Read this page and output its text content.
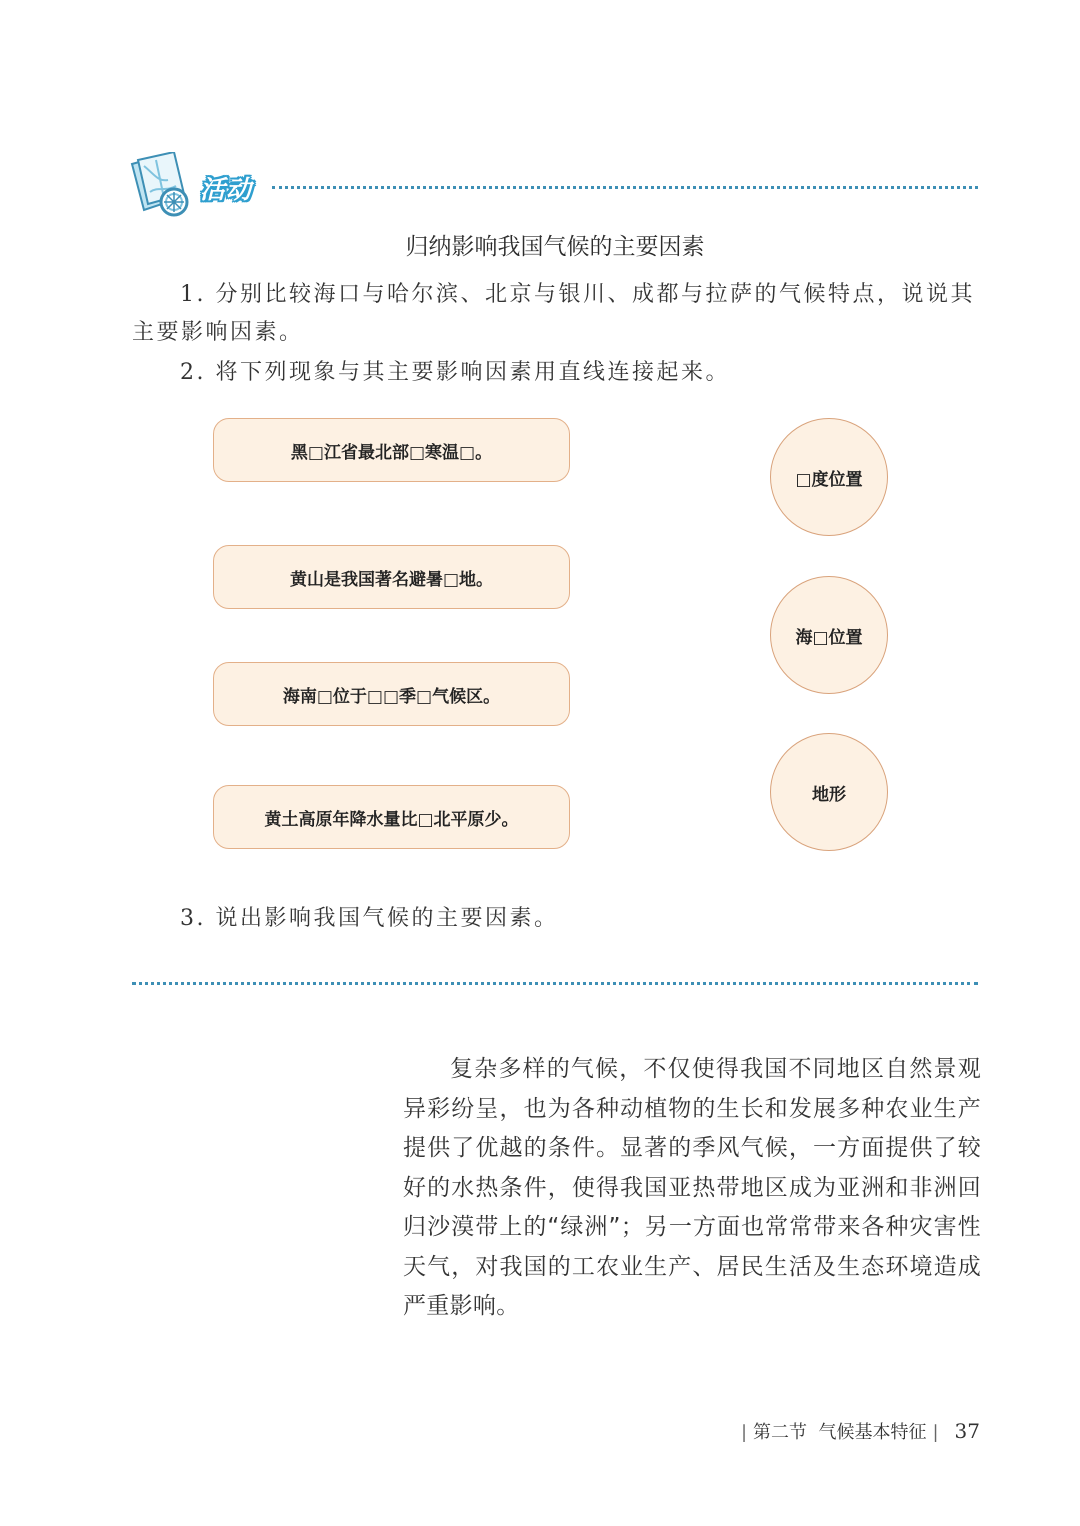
活动
归纳影响我国气候的主要因素
1. 分别比较海口与哈尔滨、北京与银川、成都与拉萨的气候特点，说说其主要影响因素。
2. 将下列现象与其主要影响因素用直线连接起来。
黑□江省最北部□寒温□。
黄山是我国著名避暑□地。
海南□位于□□季□气候区。
黄土高原年降水量比□北平原少。
□度位置
海□位置
地形
3. 说出影响我国气候的主要因素。
复杂多样的气候，不仅使得我国不同地区自然景观异彩纷呈，也为各种动植物的生长和发展多种农业生产提供了优越的条件。显著的季风气候，一方面提供了较好的水热条件，使得我国亚热带地区成为亚洲和非洲回归沙漠带上的“绿洲”；另一方面也常常带来各种灾害性天气，对我国的工农业生产、居民生活及生态环境造成严重影响。
| 第二节 气候基本特征 | 37
